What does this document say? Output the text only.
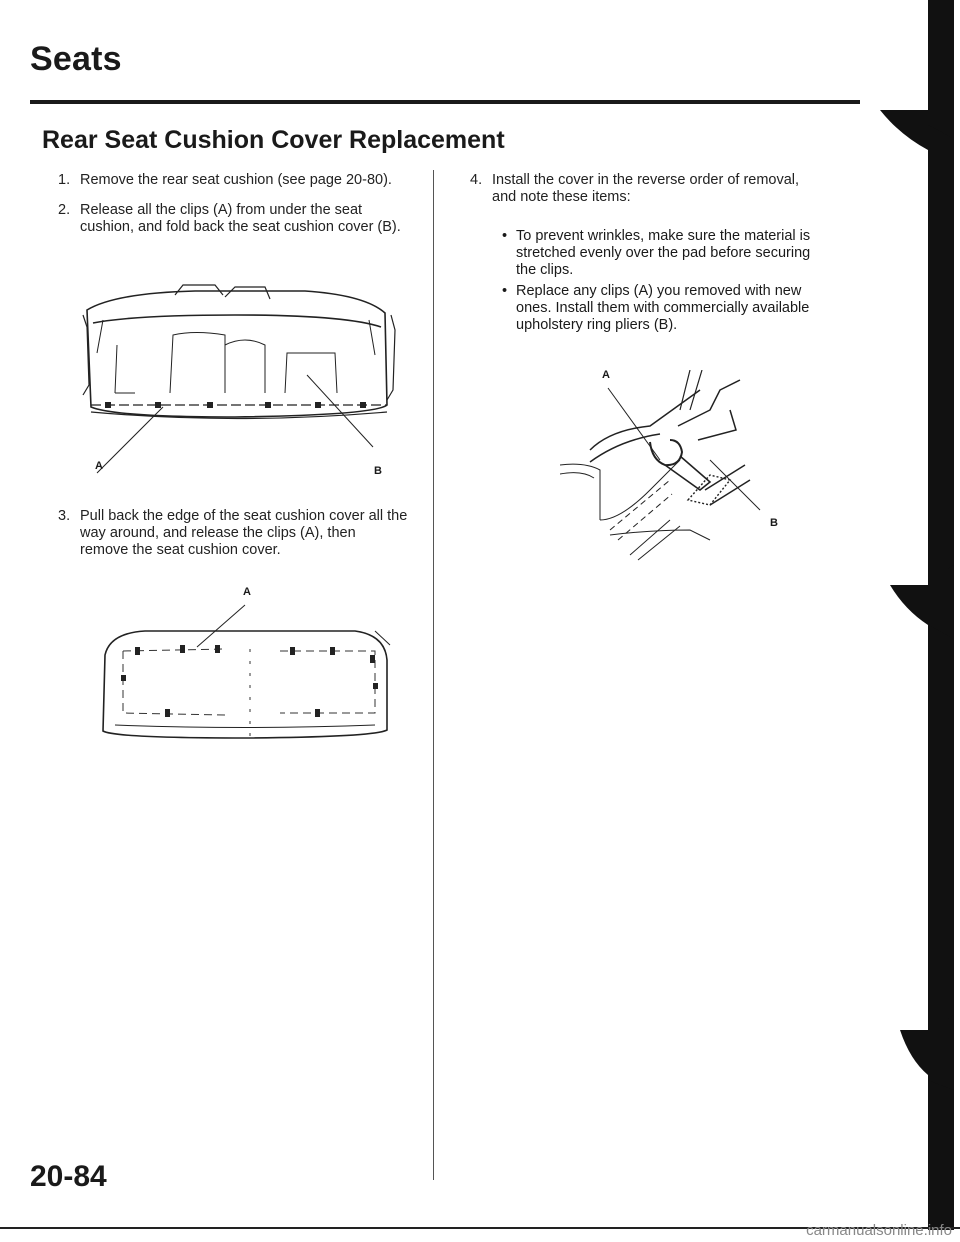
Seats
Rear Seat Cushion Cover Replacement
1. Remove the rear seat cushion (see page 20-80).
2. Release all the clips (A) from under the seat cushion, and fold back the seat cushion cover (B).
A	B
3. Pull back the edge of the seat cushion cover all the way around, and release the clips (A), then remove the seat cushion cover.
A
4. Install the cover in the reverse order of removal, and note these items:
• To prevent wrinkles, make sure the material is stretched evenly over the pad before securing the clips.
• Replace any clips (A) you removed with new ones. Install them with commercially available upholstery ring pliers (B).
A
B
20-84
carmanualsonline.info
